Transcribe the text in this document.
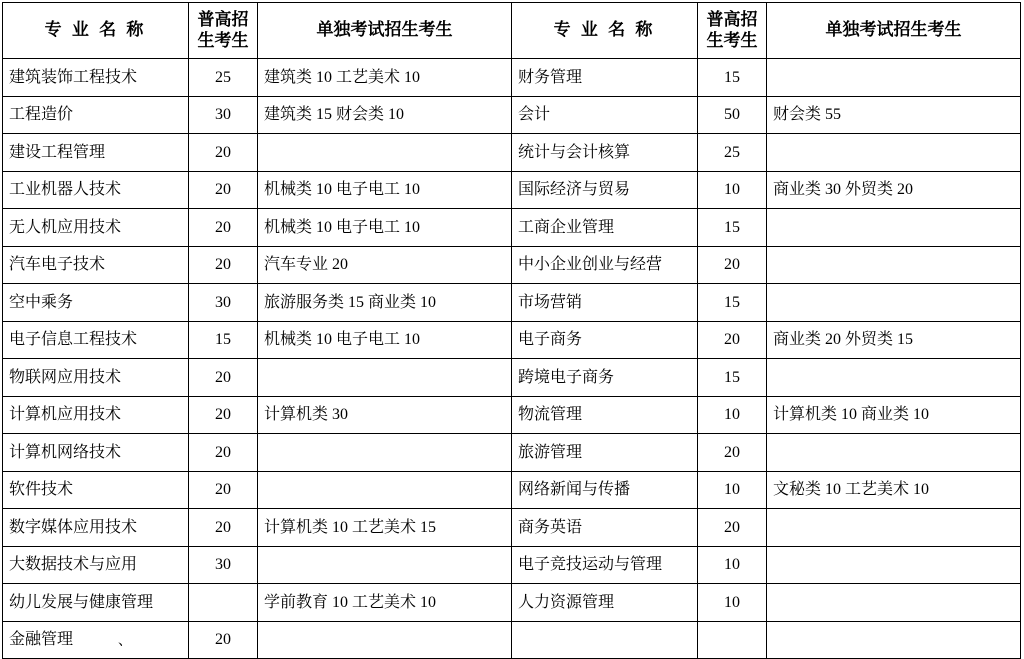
专 业 名 称	普高招生考生	单独考试招生考生	专 业 名 称	普高招生考生	单独考试招生考生
建筑装饰工程技术	25	建筑类 10 工艺美术 10	财务管理	15	
工程造价	30	建筑类 15 财会类 10	会计	50	财会类 55
建设工程管理	20		统计与会计核算	25	
工业机器人技术	20	机械类 10 电子电工 10	国际经济与贸易	10	商业类 30 外贸类 20
无人机应用技术	20	机械类 10 电子电工 10	工商企业管理	15	
汽车电子技术	20	汽车专业 20	中小企业创业与经营	20	
空中乘务	30	旅游服务类 15 商业类 10	市场营销	15	
电子信息工程技术	15	机械类 10 电子电工 10	电子商务	20	商业类 20 外贸类 15
物联网应用技术	20		跨境电子商务	15	
计算机应用技术	20	计算机类 30	物流管理	10	计算机类 10 商业类 10
计算机网络技术	20		旅游管理	20	
软件技术	20		网络新闻与传播	10	文秘类 10 工艺美术 10
数字媒体应用技术	20	计算机类 10 工艺美术 15	商务英语	20	
大数据技术与应用	30		电子竞技运动与管理	10	
幼儿发展与健康管理		学前教育 10 工艺美术 10	人力资源管理	10	
金融管理	20				
、
